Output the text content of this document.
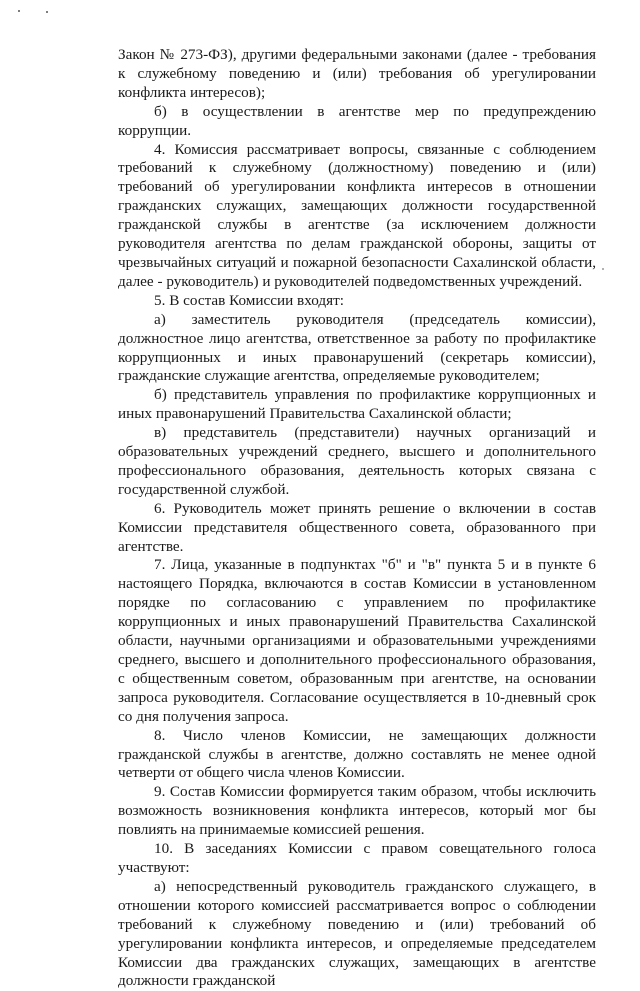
Закон № 273-ФЗ), другими федеральными законами (далее - требования к служебному поведению и (или) требования об урегулировании конфликта интересов);

б) в осуществлении в агентстве мер по предупреждению коррупции.

4. Комиссия рассматривает вопросы, связанные с соблюдением требований к служебному (должностному) поведению и (или) требований об урегулировании конфликта интересов в отношении гражданских служащих, замещающих должности государственной гражданской службы в агентстве (за исключением должности руководителя агентства по делам гражданской обороны, защиты от чрезвычайных ситуаций и пожарной безопасности Сахалинской области, далее - руководитель) и руководителей подведомственных учреждений.

5. В состав Комиссии входят:

а) заместитель руководителя (председатель комиссии), должностное лицо агентства, ответственное за работу по профилактике коррупционных и иных правонарушений (секретарь комиссии), гражданские служащие агентства, определяемые руководителем;

б) представитель управления по профилактике коррупционных и иных правонарушений Правительства Сахалинской области;

в) представитель (представители) научных организаций и образовательных учреждений среднего, высшего и дополнительного профессионального образования, деятельность которых связана с государственной службой.

6. Руководитель может принять решение о включении в состав Комиссии представителя общественного совета, образованного при агентстве.

7. Лица, указанные в подпунктах "б" и "в" пункта 5 и в пункте 6 настоящего Порядка, включаются в состав Комиссии в установленном порядке по согласованию с управлением по профилактике коррупционных и иных правонарушений Правительства Сахалинской области, научными организациями и образовательными учреждениями среднего, высшего и дополнительного профессионального образования, с общественным советом, образованным при агентстве, на основании запроса руководителя. Согласование осуществляется в 10-дневный срок со дня получения запроса.

8. Число членов Комиссии, не замещающих должности гражданской службы в агентстве, должно составлять не менее одной четверти от общего числа членов Комиссии.

9. Состав Комиссии формируется таким образом, чтобы исключить возможность возникновения конфликта интересов, который мог бы повлиять на принимаемые комиссией решения.

10. В заседаниях Комиссии с правом совещательного голоса участвуют:

а) непосредственный руководитель гражданского служащего, в отношении которого комиссией рассматривается вопрос о соблюдении требований к служебному поведению и (или) требований об урегулировании конфликта интересов, и определяемые председателем Комиссии два гражданских служащих, замещающих в агентстве должности гражданской
